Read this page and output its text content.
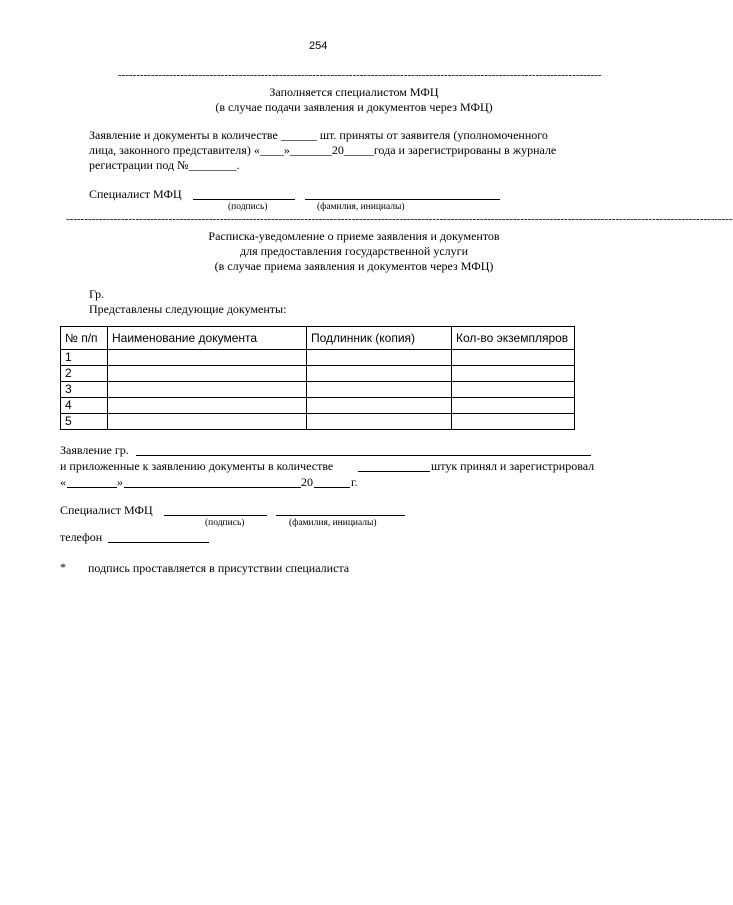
254
------------------------------------------------------------------------------------------------------------------------------------
Заполняется специалистом МФЦ
(в случае подачи заявления и документов через МФЦ)
Заявление и документы в количестве ______ шт. приняты от заявителя (уполномоченного
лица, законного представителя) «____»_______20_____года и зарегистрированы в журнале
регистрации под №________.
Специалист МФЦ
(подпись)	(фамилия, инициалы)
--------------------------------------------------------------------------------------------------------------------------------------------------------------------------------------
Расписка-уведомление о приеме заявления и документов
для предоставления государственной услуги
(в случае приема заявления и документов через МФЦ)
Гр.
Представлены следующие документы:
№ п/п	Наименование документа	Подлинник (копия)	Кол-во экземпляров
1			
2			
3			
4			
5			
Заявление гр.
и приложенные к заявлению документы в количестве	штук принял и зарегистрировал
«	»	20	г.
Специалист МФЦ
(подпись)	(фамилия, инициалы)
телефон
* подпись проставляется в присутствии специалиста
